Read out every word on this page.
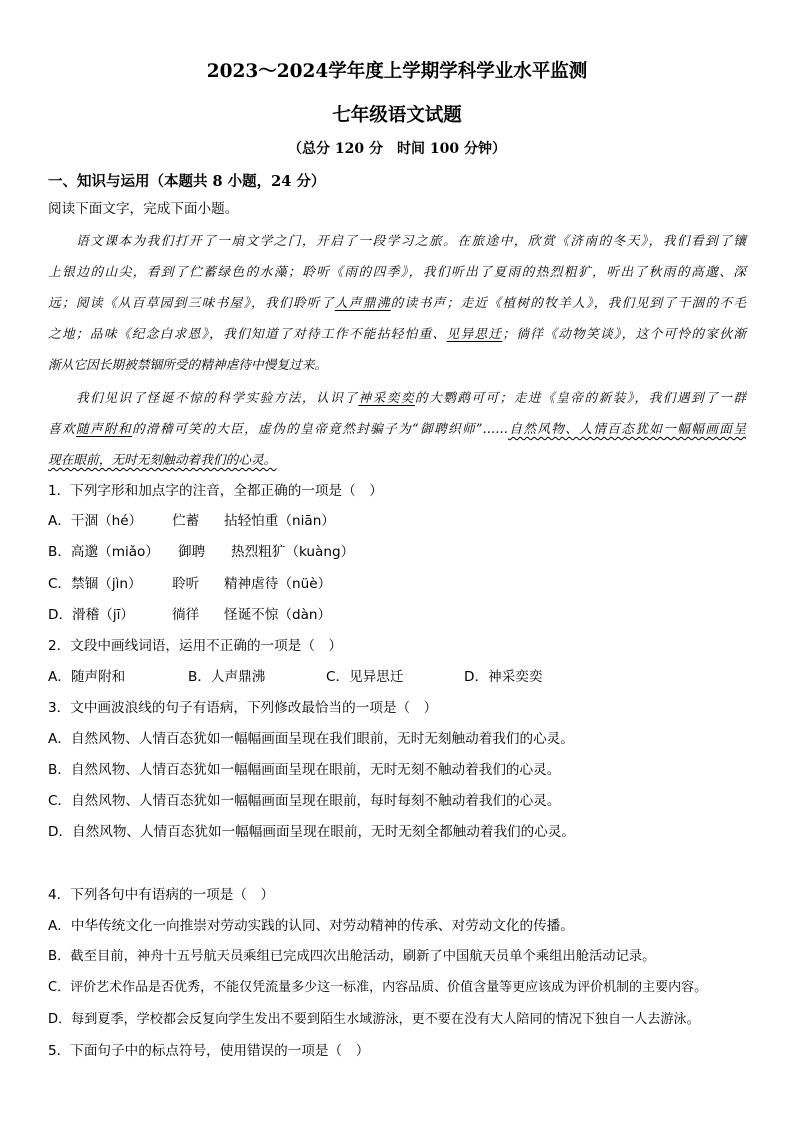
2023～2024学年度上学期学科学业水平监测
七年级语文试题
（总分 120 分　时间 100 分钟）
一、知识与运用（本题共 8 小题，24 分）
阅读下面文字，完成下面小题。
语文课本为我们打开了一扇文学之门，开启了一段学习之旅。在旅途中，欣赏《济南的冬天》，我们看到了镶
上银边的山尖，看到了伫蓄绿色的水藻；聆听《雨的四季》，我们听出了夏雨的热烈粗犷，听出了秋雨的高邈、深
远；阅读《从百草园到三味书屋》，我们聆听了人声鼎沸的读书声；走近《植树的牧羊人》，我们见到了干涸的不毛
之地；品味《纪念白求恩》，我们知道了对待工作不能拈轻怕重、见异思迁；徜徉《动物笑谈》，这个可怜的家伙渐
渐从它因长期被禁锢所受的精神虐待中慢复过来。
我们见识了怪诞不惊的科学实验方法，认识了神采奕奕的大鹦鹉可可；走进《皇帝的新装》，我们遇到了一群
喜欢随声附和的滑稽可笑的大臣，虚伪的皇帝竟然封骗子为“御聘织师”……自然风物、人情百态犹如一幅幅画面呈
现在眼前，无时无刻触动着我们的心灵。
1．下列字形和加点字的注音，全都正确的一项是（　）
A．干涸（hé） 伫蓄 拈轻怕重（niān）
B．高邈（miǎo） 御聘 热烈粗犷（kuàng）
C．禁锢（jìn） 聆听 精神虐待（nüè）
D．滑稽（jī）	徜徉 怪诞不惊（dàn）
2．文段中画线词语，运用不正确的一项是（　）
A．随声附和	B．人声鼎沸	C．见异思迁	D．神采奕奕
3．文中画波浪线的句子有语病，下列修改最恰当的一项是（　）
A．自然风物、人情百态犹如一幅幅画面呈现在我们眼前，无时无刻触动着我们的心灵。
B．自然风物、人情百态犹如一幅幅画面呈现在眼前，无时无刻不触动着我们的心灵。
C．自然风物、人情百态犹如一幅幅画面呈现在眼前，每时每刻不触动着我们的心灵。
D．自然风物、人情百态犹如一幅幅画面呈现在眼前，无时无刻全都触动着我们的心灵。
4．下列各句中有语病的一项是（　）
A．中华传统文化一向推崇对劳动实践的认同、对劳动精神的传承、对劳动文化的传播。
B．截至目前，神舟十五号航天员乘组已完成四次出舱活动，刷新了中国航天员单个乘组出舱活动记录。
C．评价艺术作品是否优秀，不能仅凭流量多少这一标准，内容品质、价值含量等更应该成为评价机制的主要内容。
D．每到夏季，学校都会反复向学生发出不要到陌生水域游泳，更不要在没有大人陪同的情况下独自一人去游泳。
5．下面句子中的标点符号，使用错误的一项是（　）
